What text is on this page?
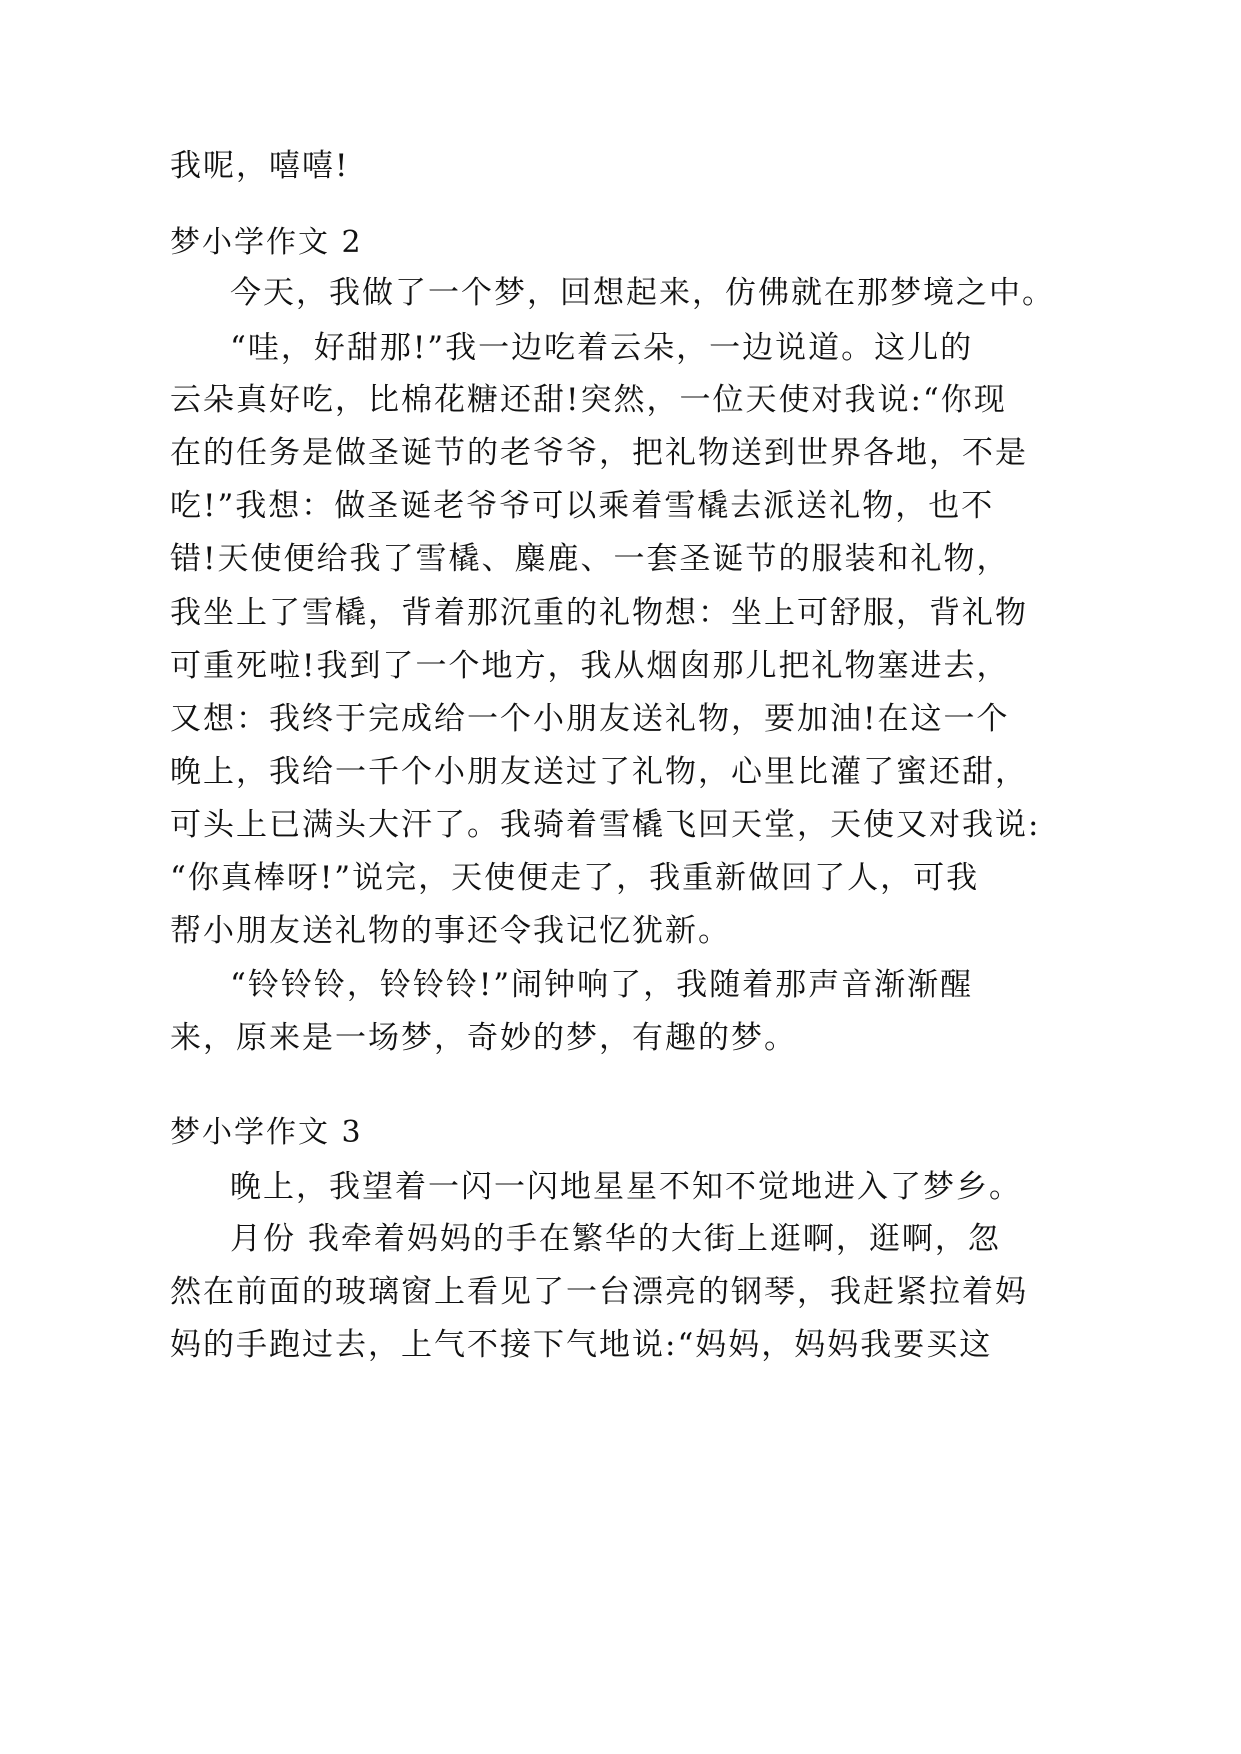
我呢，嘻嘻!
梦小学作文 2
今天，我做了一个梦，回想起来，仿佛就在那梦境之中。
“哇，好甜那!”我一边吃着云朵，一边说道。这儿的
云朵真好吃，比棉花糖还甜!突然，一位天使对我说:“你现
在的任务是做圣诞节的老爷爷，把礼物送到世界各地，不是
吃!”我想：做圣诞老爷爷可以乘着雪橇去派送礼物，也不
错!天使便给我了雪橇、麋鹿、一套圣诞节的服装和礼物，
我坐上了雪橇，背着那沉重的礼物想：坐上可舒服，背礼物
可重死啦!我到了一个地方，我从烟囱那儿把礼物塞进去，
又想：我终于完成给一个小朋友送礼物，要加油!在这一个
晚上，我给一千个小朋友送过了礼物，心里比灌了蜜还甜，
可头上已满头大汗了。我骑着雪橇飞回天堂，天使又对我说:
“你真棒呀!”说完，天使便走了，我重新做回了人，可我
帮小朋友送礼物的事还令我记忆犹新。
“铃铃铃，铃铃铃!”闹钟响了，我随着那声音渐渐醒
来，原来是一场梦，奇妙的梦，有趣的梦。
梦小学作文 3
晚上，我望着一闪一闪地星星不知不觉地进入了梦乡。
月份 我牵着妈妈的手在繁华的大街上逛啊，逛啊，忽
然在前面的玻璃窗上看见了一台漂亮的钢琴，我赶紧拉着妈
妈的手跑过去，上气不接下气地说:“妈妈，妈妈我要买这
